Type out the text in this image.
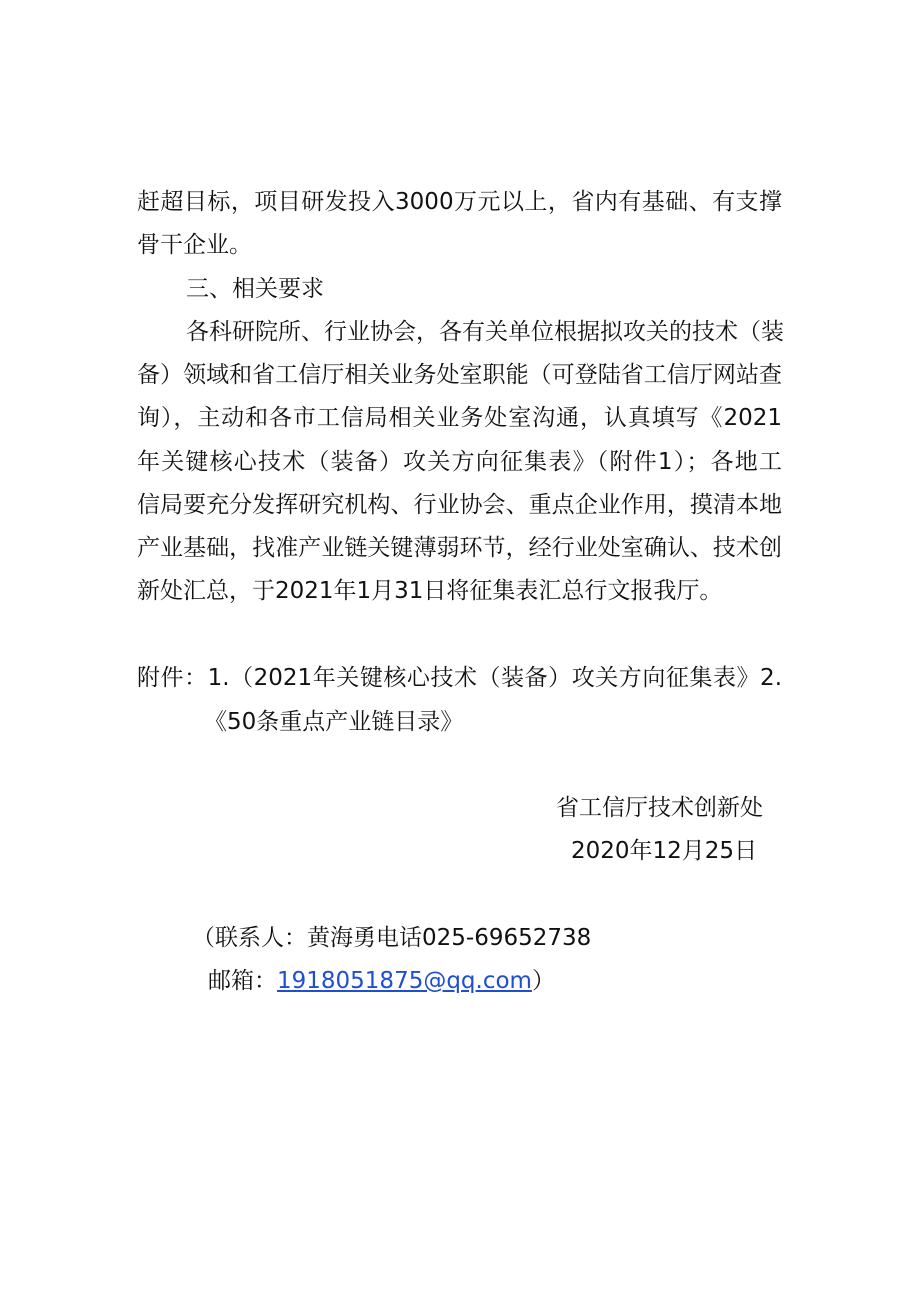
赶超目标，项目研发投入3000万元以上，省内有基础、有支撑
骨干企业。
三、相关要求
各科研院所、行业协会，各有关单位根据拟攻关的技术（装
备）领域和省工信厅相关业务处室职能（可登陆省工信厅网站查
询），主动和各市工信局相关业务处室沟通，认真填写《2021
年关键核心技术（装备）攻关方向征集表》（附件1）；各地工
信局要充分发挥研究机构、行业协会、重点企业作用，摸清本地
产业基础，找准产业链关键薄弱环节，经行业处室确认、技术创
新处汇总，于2021年1月31日将征集表汇总行文报我厅。
附件：1.（2021年关键核心技术（装备）攻关方向征集表》2.
《50条重点产业链目录》
省工信厅技术创新处
2020年12月25日
（联系人：黄海勇电话025-69652738
邮箱：1918051875@qq.com）
